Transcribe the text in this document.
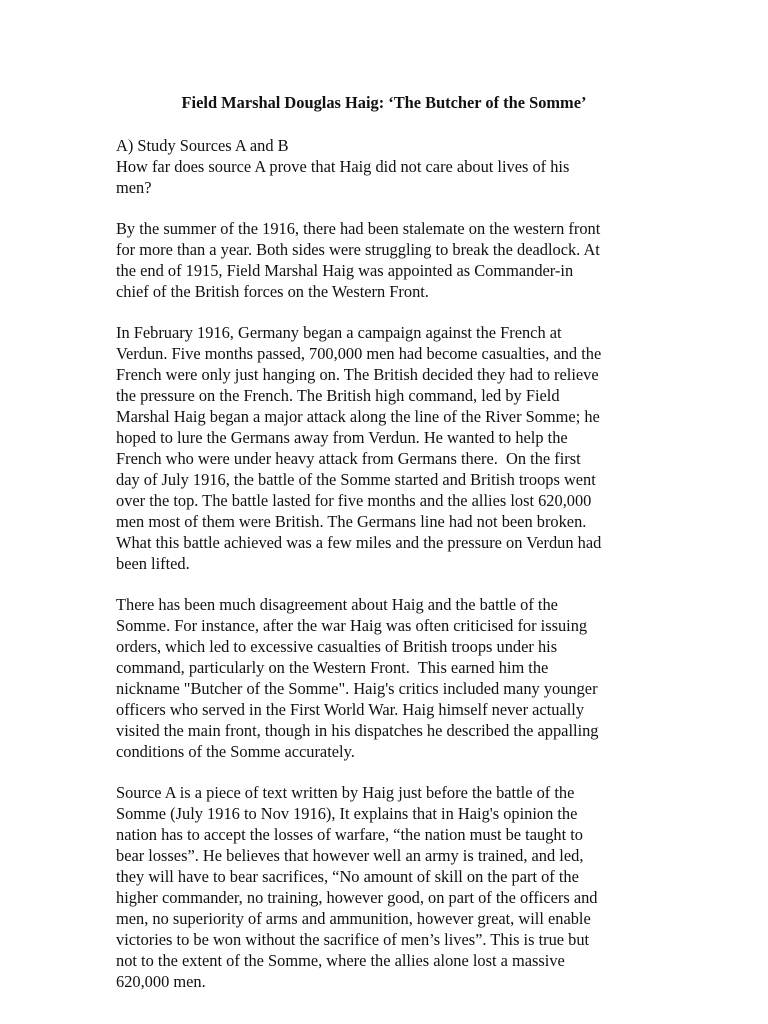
Field Marshal Douglas Haig: ‘The Butcher of the Somme’
A) Study Sources A and B
How far does source A prove that Haig did not care about lives of his
men?
By the summer of the 1916, there had been stalemate on the western front
for more than a year. Both sides were struggling to break the deadlock. At
the end of 1915, Field Marshal Haig was appointed as Commander-in
chief of the British forces on the Western Front.
In February 1916, Germany began a campaign against the French at
Verdun. Five months passed, 700,000 men had become casualties, and the
French were only just hanging on. The British decided they had to relieve
the pressure on the French. The British high command, led by Field
Marshal Haig began a major attack along the line of the River Somme; he
hoped to lure the Germans away from Verdun. He wanted to help the
French who were under heavy attack from Germans there.  On the first
day of July 1916, the battle of the Somme started and British troops went
over the top. The battle lasted for five months and the allies lost 620,000
men most of them were British. The Germans line had not been broken.
What this battle achieved was a few miles and the pressure on Verdun had
been lifted.
There has been much disagreement about Haig and the battle of the
Somme. For instance, after the war Haig was often criticised for issuing
orders, which led to excessive casualties of British troops under his
command, particularly on the Western Front.  This earned him the
nickname "Butcher of the Somme". Haig's critics included many younger
officers who served in the First World War. Haig himself never actually
visited the main front, though in his dispatches he described the appalling
conditions of the Somme accurately.
Source A is a piece of text written by Haig just before the battle of the
Somme (July 1916 to Nov 1916), It explains that in Haig's opinion the
nation has to accept the losses of warfare, “the nation must be taught to
bear losses”. He believes that however well an army is trained, and led,
they will have to bear sacrifices, “No amount of skill on the part of the
higher commander, no training, however good, on part of the officers and
men, no superiority of arms and ammunition, however great, will enable
victories to be won without the sacrifice of men’s lives”. This is true but
not to the extent of the Somme, where the allies alone lost a massive
620,000 men.
